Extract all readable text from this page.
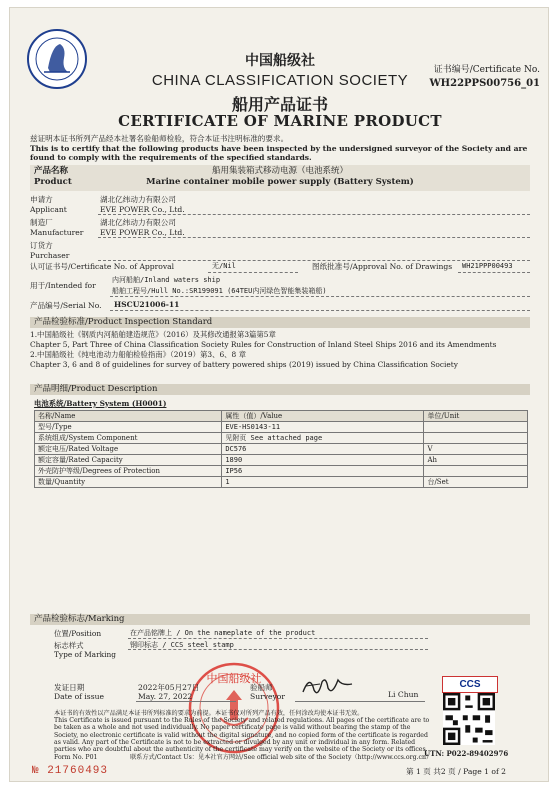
中国船级社
CHINA CLASSIFICATION SOCIETY
船用产品证书
CERTIFICATE OF MARINE PRODUCT
证书编号/Certificate No.
WH22PPS00756_01
兹证明本证书所列产品经本社署名验船师检验，符合本证书注明标准的要求。
This is to certify that the following products have been inspected by the undersigned surveyor of the Society and are found to comply with the requirements of the specified standards.
产品名称
Product
船用集装箱式移动电源（电池系统）
Marine container mobile power supply (Battery System)
申请方
Applicant
湖北亿纬动力有限公司
EVE POWER Co., Ltd.
制造厂
Manufacturer
湖北亿纬动力有限公司
EVE POWER Co., Ltd.
订货方
Purchaser
认可证书号/Certificate No. of Approval	无/Nil	图纸批准号/Approval No. of Drawings WH21PPP00493
用于/Intended for
内河船舶/Inland waters ship
船舶工程号/Hull No.:SR199091 (64TEU内河绿色智能集装箱船)
产品编号/Serial No. HSCU21006-11
产品检验标准/Product Inspection Standard
1.中国船级社《钢质内河船舶建造规范》（2016）及其修改通报第3篇第5章
Chapter 5, Part Three of China Classification Society Rules for Construction of Inland Steel Ships 2016 and its Amendments
2.中国船级社《纯电池动力船舶检验指南》（2019）第3、6、8 章
Chapter 3, 6 and 8 of guidelines for survey of battery powered ships (2019) issued by China Classification Society
产品明细/Product Description
电池系统/Battery System (H0001)
名称/Name	属性（值）/Value	单位/Unit
型号/Type	EVE-HS0143-11	
系统组成/System Component	见附页 See attached page	
额定电压/Rated Voltage	DC576	V
额定容量/Rated Capacity	1890	Ah
外壳防护等级/Degrees of Protection	IP56	
数量/Quantity	1	台/Set
产品检验标志/Marking
位置/Position	在产品铭牌上 / On the nameplate of the product
标志样式
Type of Marking
钢印标志 / CCS steel stamp
中国船级社
发证日期
Date of issue
2022年05月27日
May. 27, 2022
验船师
Surveyor	Li Chun
CCS
本证书的有效性以产品满足本证书所列标准的要求为前提。本证书仅对所列产品有效，任何涂改均使本证书无效。
This Certificate is issued pursuant to the Rules of the Society and related regulations. All pages of the certificate are to be taken as a whole and not used individually. No paper certificate page is valid without bearing the stamp of the Society, no electronic certificate is valid without the digital signature, and no copied form of the certificate is regarded as valid. Any part of the Certificate is not to be extracted or divulged by any unit or individual in any form. Related parties who are doubtful about the authenticity of the certificate may verify on the website of the Society or its offices.
Form No. P01	联系方式/Contact Us：见本社官方网站/See official web site of the Society（http://www.ccs.org.cn）
UTN: P022-89402976
第 1 页 共2 页 / Page 1 of 2
№ 21760493
